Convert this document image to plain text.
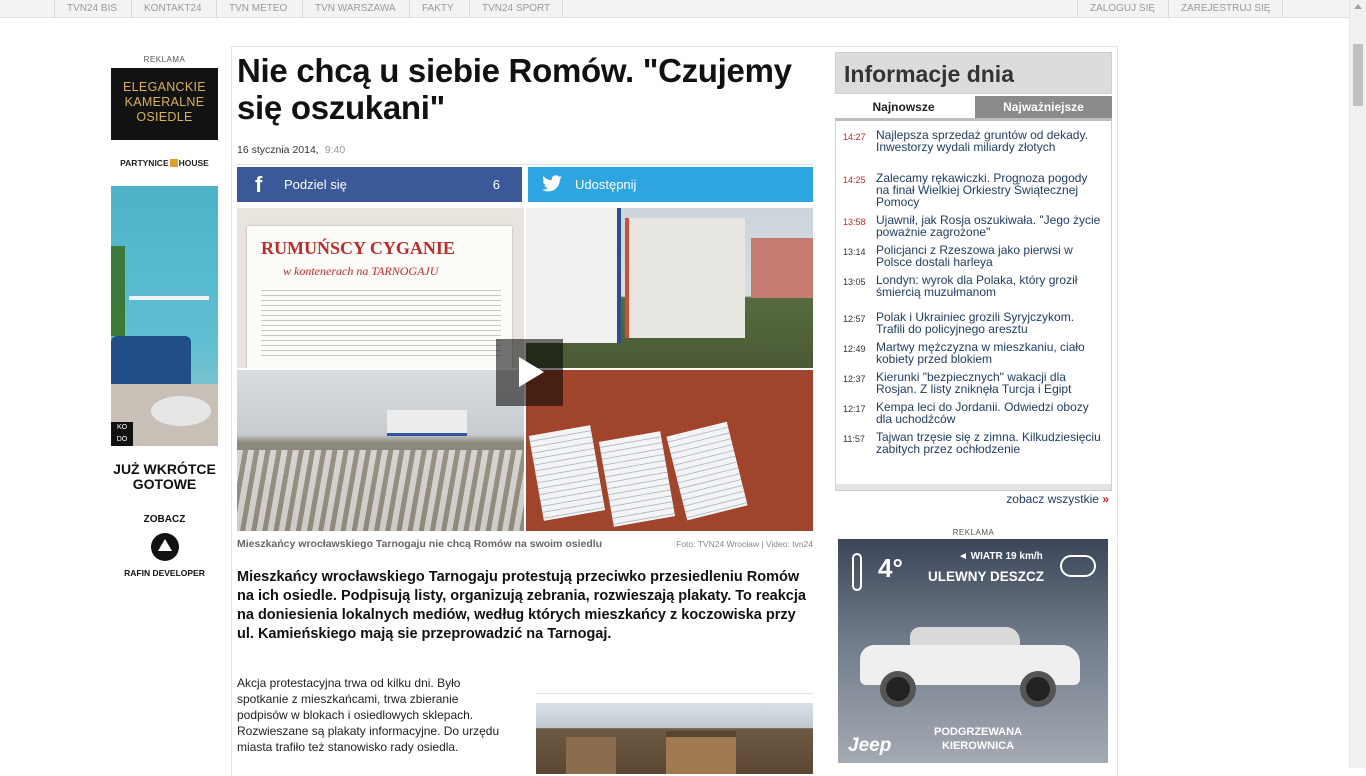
TVN24 BIS	KONTAKT24	TVN METEO	TVN WARSZAWA	FAKTY	TVN24 SPORT	ZALOGUJ SIĘ	ZAREJESTRUJ SIĘ
REKLAMA
ELEGANCKIE KAMERALNE OSIEDLE
PARTYNICE HOUSE
KO DO
JUŻ WKRÓTCE GOTOWE
ZOBACZ
RAFIN DEVELOPER
Nie chcą u siebie Romów. "Czujemy się oszukani"
16 stycznia 2014, 9:40
f Podziel się	6	Udostępnij
RUMUŃSCY CYGANIE
w kontenerach na TARNOGAJU
Mieszkańcy wrocławskiego Tarnogaju nie chcą Romów na swoim osiedlu	Foto: TVN24 Wrocław | Video: tvn24
Mieszkańcy wrocławskiego Tarnogaju protestują przeciwko przesiedleniu Romów na ich osiedle. Podpisują listy, organizują zebrania, rozwieszają plakaty. To reakcja na doniesienia lokalnych mediów, według których mieszkańcy z koczowiska przy ul. Kamieńskiego mają sie przeprowadzić na Tarnogaj.
Akcja protestacyjna trwa od kilku dni. Było spotkanie z mieszkańcami, trwa zbieranie podpisów w blokach i osiedlowych sklepach. Rozwieszane są plakaty informacyjne. Do urzędu miasta trafiło też stanowisko rady osiedla.
Informacje dnia
Najnowsze	Najważniejsze
14:27 Najlepsza sprzedaż gruntów od dekady. Inwestorzy wydali miliardy złotych
14:25 Zalecamy rękawiczki. Prognoza pogody na finał Wielkiej Orkiestry Świątecznej Pomocy
13:58 Ujawnił, jak Rosja oszukiwała. "Jego życie poważnie zagrożone"
13:14 Policjanci z Rzeszowa jako pierwsi w Polsce dostali harleya
13:05 Londyn: wyrok dla Polaka, który groził śmiercią muzułmanom
12:57 Polak i Ukrainiec grozili Syryjczykom. Trafili do policyjnego aresztu
12:49 Martwy mężczyzna w mieszkaniu, ciało kobiety przed blokiem
12:37 Kierunki "bezpiecznych" wakacji dla Rosjan. Z listy zniknęła Turcja i Egipt
12:17 Kempa leci do Jordanii. Odwiedzi obozy dla uchodźców
11:57 Tajwan trzęsie się z zimna. Kilkudziesięciu zabitych przez ochłodzenie
zobacz wszystkie »
REKLAMA
4°	◄ WIATR 19 km/h
ULEWNY DESZCZ
Jeep
PODGRZEWANA KIEROWNICA
